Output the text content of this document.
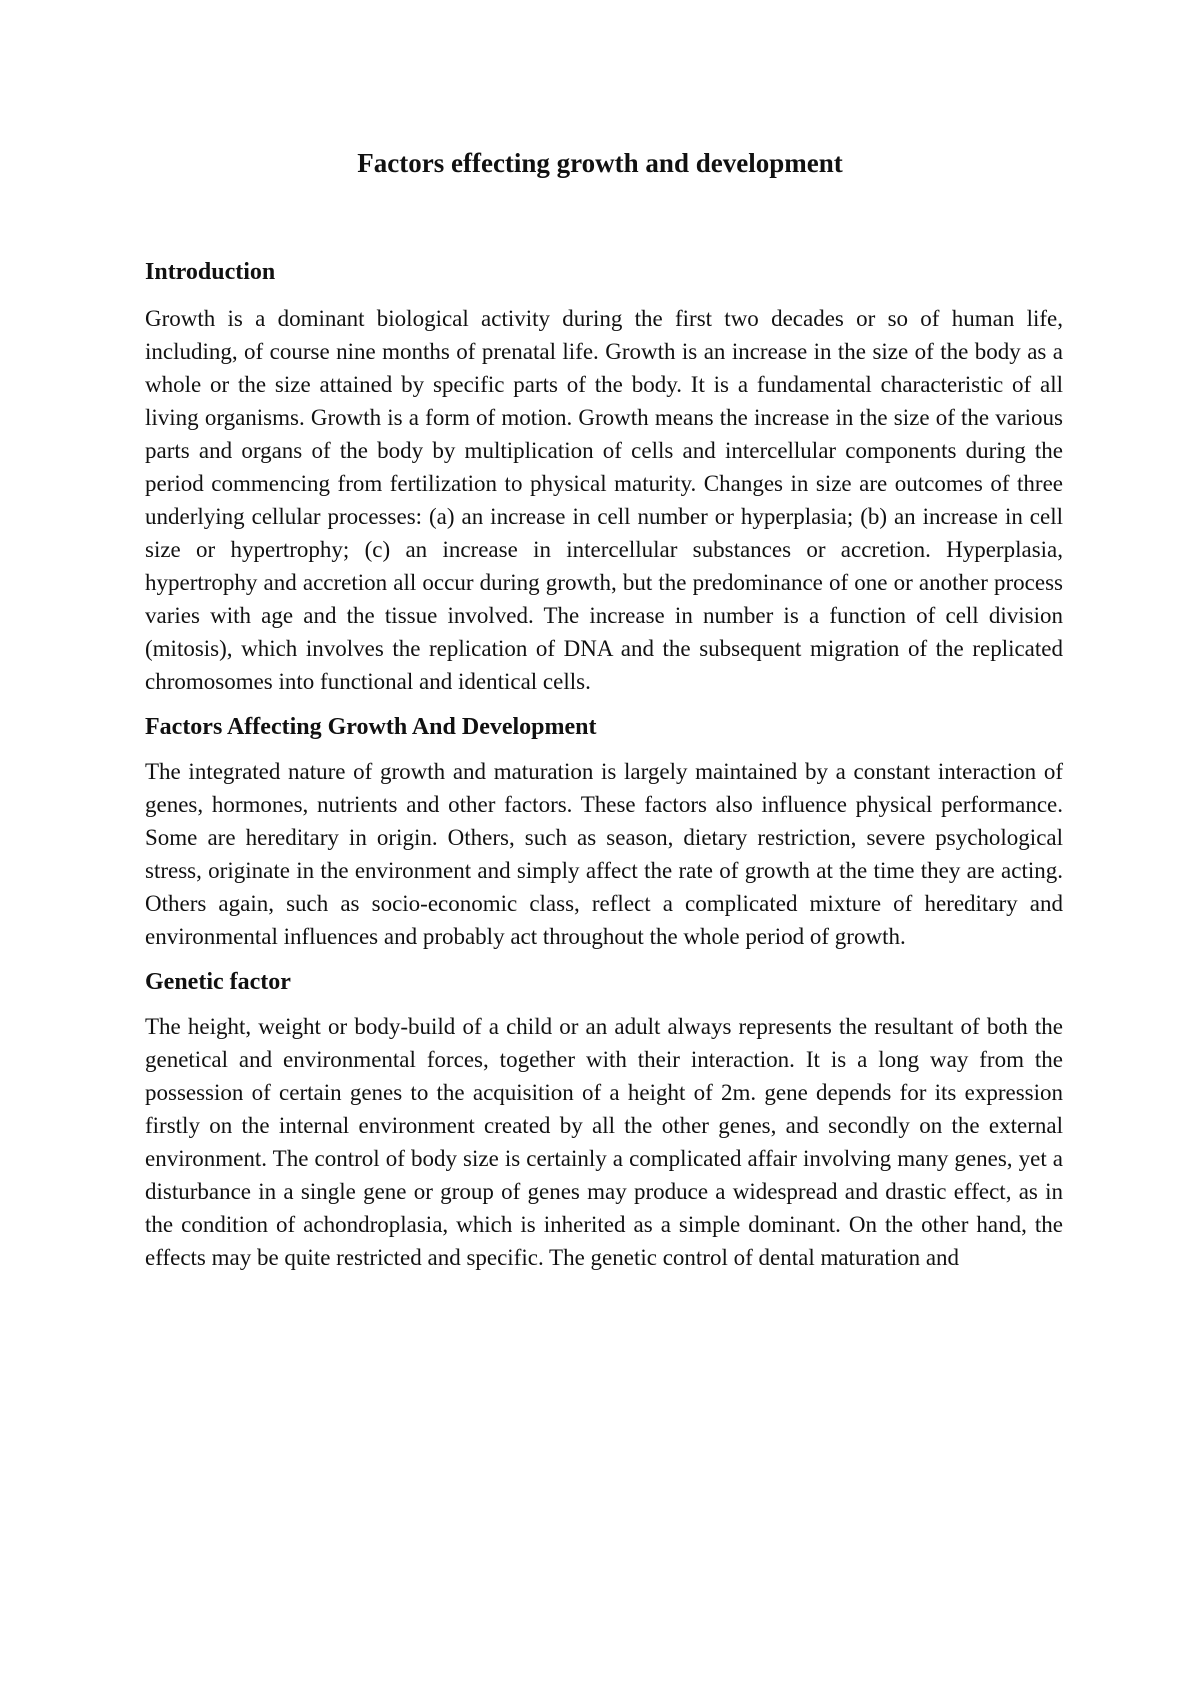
Factors effecting growth and development
Introduction

Growth is a dominant biological activity during the first two decades or so of human life, including, of course nine months of prenatal life. Growth is an increase in the size of the body as a whole or the size attained by specific parts of the body. It is a fundamental characteristic of all living organisms. Growth is a form of motion. Growth means the increase in the size of the various parts and organs of the body by multiplication of cells and intercellular components during the period commencing from fertilization to physical maturity. Changes in size are outcomes of three underlying cellular processes: (a) an increase in cell number or hyperplasia; (b) an increase in cell size or hypertrophy; (c) an increase in intercellular substances or accretion. Hyperplasia, hypertrophy and accretion all occur during growth, but the predominance of one or another process varies with age and the tissue involved. The increase in number is a function of cell division (mitosis), which involves the replication of DNA and the subsequent migration of the replicated chromosomes into functional and identical cells.

Factors Affecting Growth And Development

The integrated nature of growth and maturation is largely maintained by a constant interaction of genes, hormones, nutrients and other factors. These factors also influence physical performance. Some are hereditary in origin. Others, such as season, dietary restriction, severe psychological stress, originate in the environment and simply affect the rate of growth at the time they are acting. Others again, such as socio-economic class, reflect a complicated mixture of hereditary and environmental influences and probably act throughout the whole period of growth.

Genetic factor

The height, weight or body-build of a child or an adult always represents the resultant of both the genetical and environmental forces, together with their interaction. It is a long way from the possession of certain genes to the acquisition of a height of 2m. gene depends for its expression firstly on the internal environment created by all the other genes, and secondly on the external environment. The control of body size is certainly a complicated affair involving many genes, yet a disturbance in a single gene or group of genes may produce a widespread and drastic effect, as in the condition of achondroplasia, which is inherited as a simple dominant. On the other hand, the effects may be quite restricted and specific. The genetic control of dental maturation and
